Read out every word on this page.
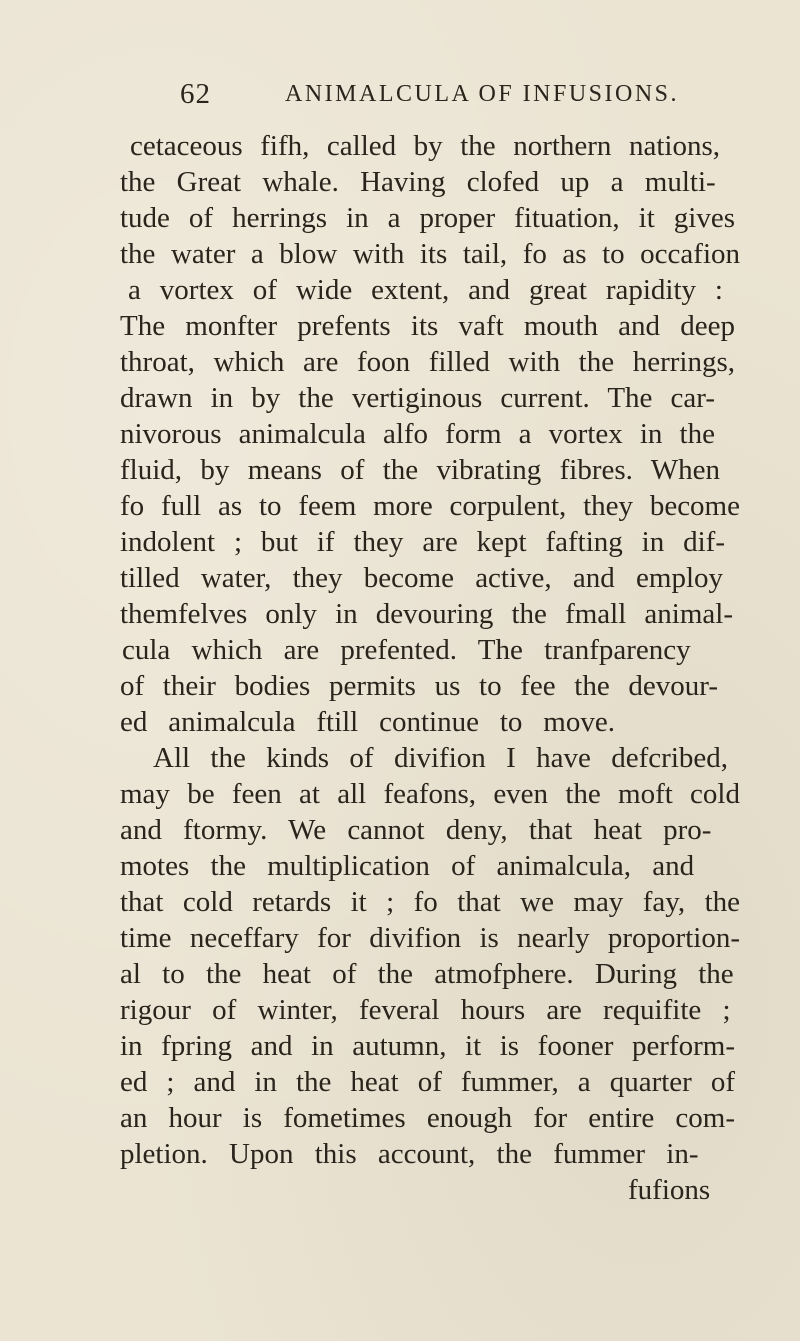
62	ANIMALCULA OF INFUSIONS.
cetaceous fifh, called by the northern nations,
the Great whale. Having clofed up a multi-
tude of herrings in a proper fituation, it gives
the water a blow with its tail, fo as to occafion
a vortex of wide extent, and great rapidity :
The monfter prefents its vaft mouth and deep
throat, which are foon filled with the herrings,
drawn in by the vertiginous current. The car-
nivorous animalcula alfo form a vortex in the
fluid, by means of the vibrating fibres. When
fo full as to feem more corpulent, they become
indolent ; but if they are kept fafting in dif-
tilled water, they become active, and employ
themfelves only in devouring the fmall animal-
cula which are prefented. The tranfparency
of their bodies permits us to fee the devour-
ed animalcula ftill continue to move.
All the kinds of divifion I have defcribed,
may be feen at all feafons, even the moft cold
and ftormy. We cannot deny, that heat pro-
motes the multiplication of animalcula, and
that cold retards it ; fo that we may fay, the
time neceffary for divifion is nearly proportion-
al to the heat of the atmofphere. During the
rigour of winter, feveral hours are requifite ;
in fpring and in autumn, it is fooner perform-
ed ; and in the heat of fummer, a quarter of
an hour is fometimes enough for entire com-
pletion. Upon this account, the fummer in-
fufions
